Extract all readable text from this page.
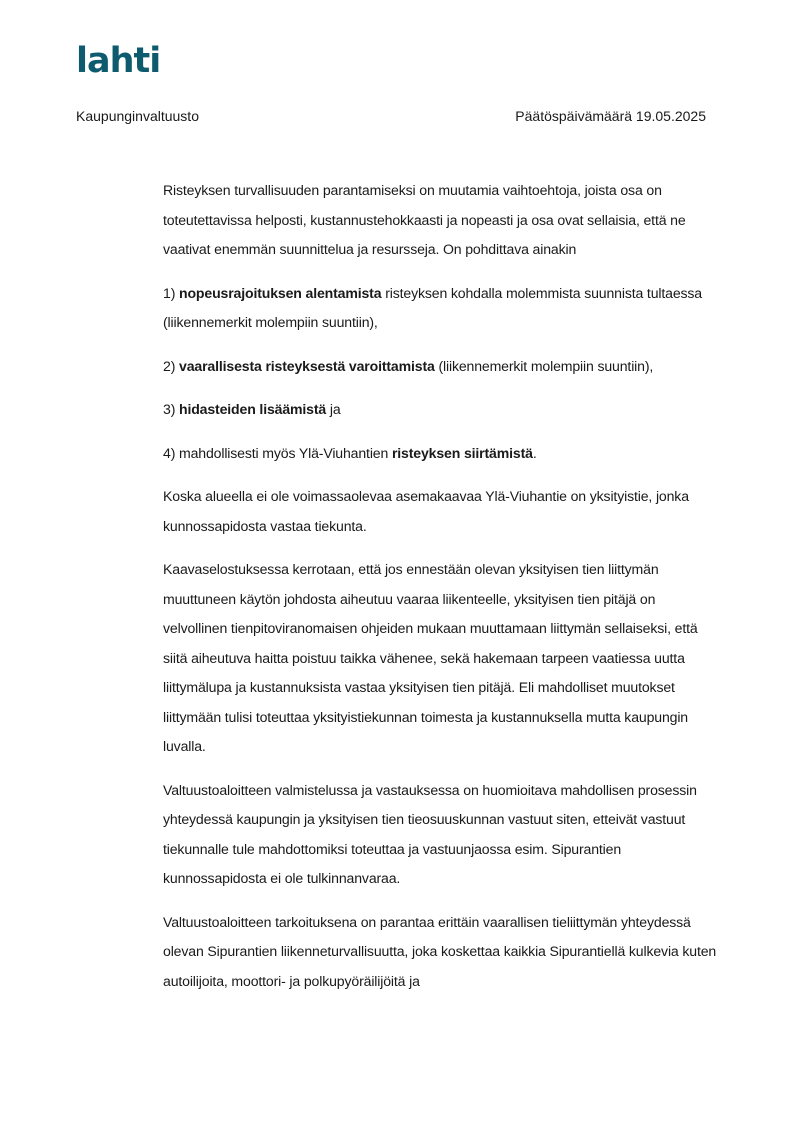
lahti
Kaupunginvaltuusto	Päätöspäivämäärä 19.05.2025

Risteyksen turvallisuuden parantamiseksi on muutamia vaihtoehtoja, joista osa on toteutettavissa helposti, kustannustehokkaasti ja nopeasti ja osa ovat sellaisia, että ne vaativat enemmän suunnittelua ja resursseja. On pohdittava ainakin

1) nopeusrajoituksen alentamista risteyksen kohdalla molemmista suunnista tultaessa (liikennemerkit molempiin suuntiin),

2) vaarallisesta risteyksestä varoittamista (liikennemerkit molempiin suuntiin),

3) hidasteiden lisäämistä ja

4) mahdollisesti myös Ylä-Viuhantien risteyksen siirtämistä.

Koska alueella ei ole voimassaolevaa asemakaavaa Ylä-Viuhantie on yksityistie, jonka kunnossapidosta vastaa tiekunta.

Kaavaselostuksessa kerrotaan, että jos ennestään olevan yksityisen tien liittymän muuttuneen käytön johdosta aiheutuu vaaraa liikenteelle, yksityisen tien pitäjä on velvollinen tienpitoviranomaisen ohjeiden mukaan muuttamaan liittymän sellaiseksi, että siitä aiheutuva haitta poistuu taikka vähenee, sekä hakemaan tarpeen vaatiessa uutta liittymälupa ja kustannuksista vastaa yksityisen tien pitäjä. Eli mahdolliset muutokset liittymään tulisi toteuttaa yksityistiekunnan toimesta ja kustannuksella mutta kaupungin luvalla.

Valtuustoaloitteen valmistelussa ja vastauksessa on huomioitava mahdollisen prosessin yhteydessä kaupungin ja yksityisen tien tieosuuskunnan vastuut siten, etteivät vastuut tiekunnalle tule mahdottomiksi toteuttaa ja vastuunjaossa esim. Sipurantien kunnossapidosta ei ole tulkinnanvaraa.

Valtuustoaloitteen tarkoituksena on parantaa erittäin vaarallisen tieliittymän yhteydessä olevan Sipurantien liikenneturvallisuutta, joka koskettaa kaikkia Sipurantiellä kulkevia kuten autoilijoita, moottori- ja polkupyöräilijöitä ja
